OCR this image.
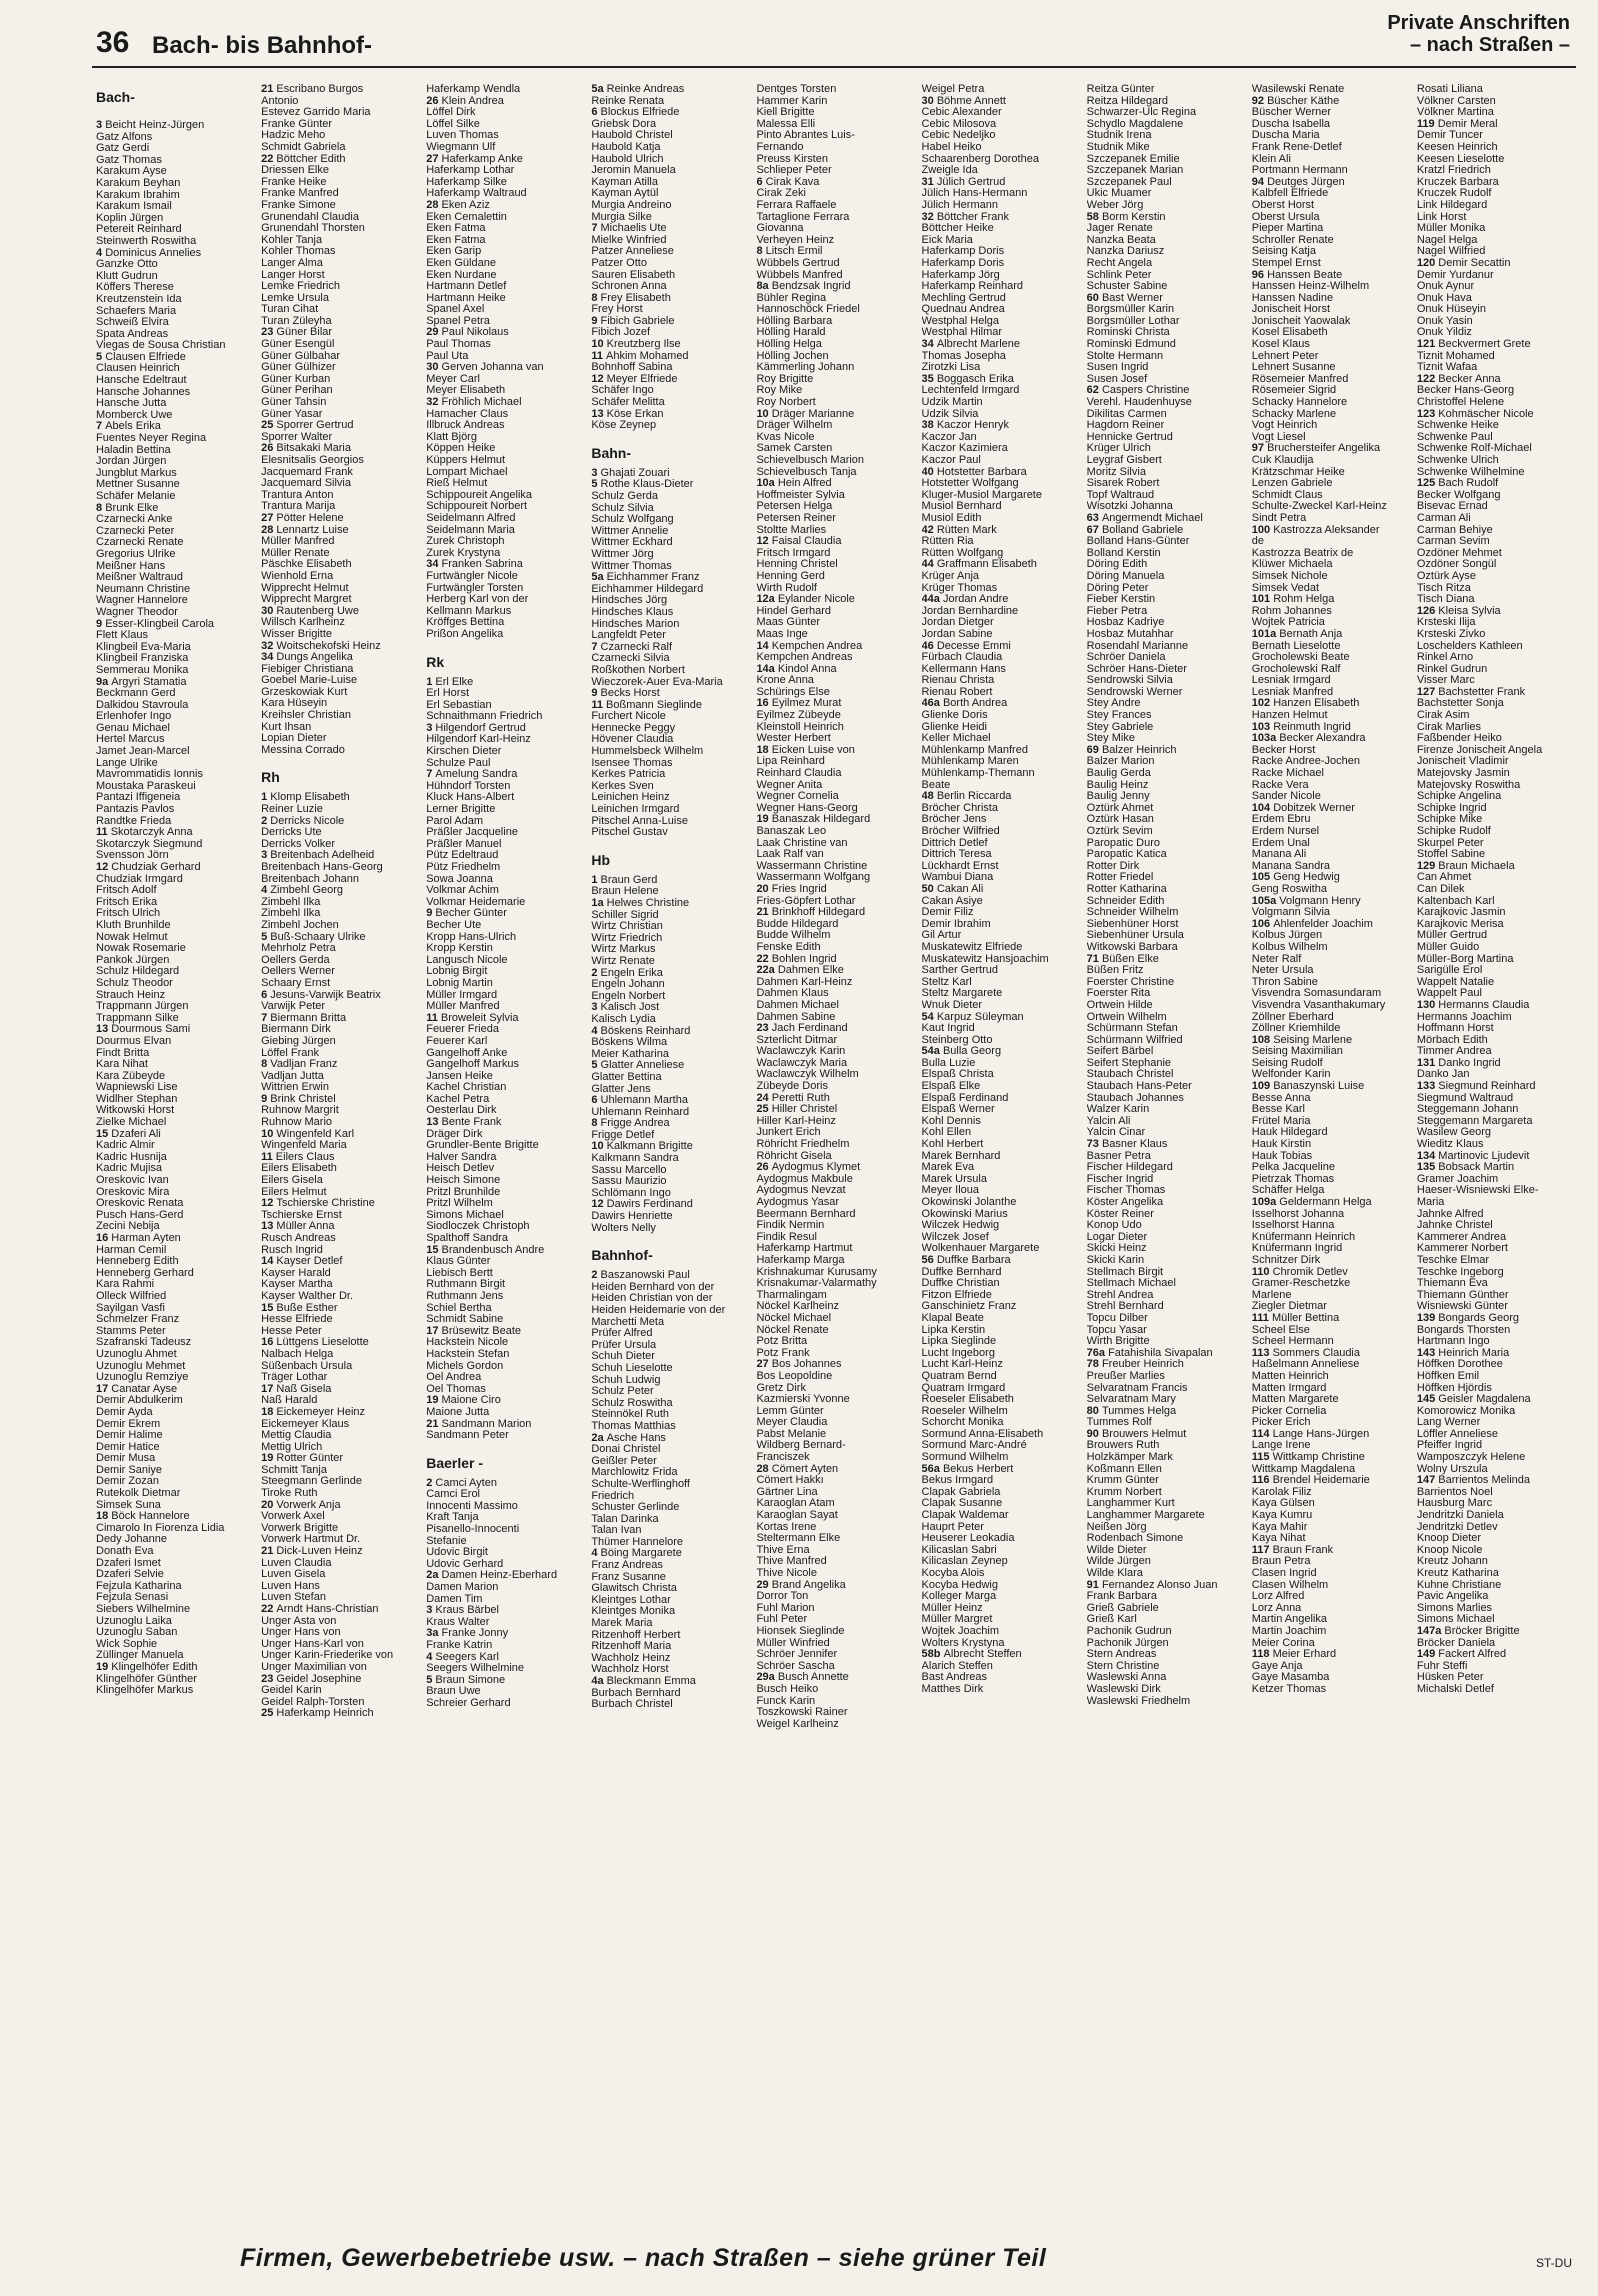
36 Bach- bis Bahnhof-
Private Anschriften
– nach Straßen –
Bach-
3 Beicht Heinz-Jürgen
Gatz Alfons
Gatz Gerdi
Gatz Thomas
Karakum Ayse
Karakum Beyhan
Karakum Ibrahim
Karakum Ismail
Koplin Jürgen
Petereit Reinhard
Steinwerth Roswitha
4 Dominicus Annelies
Ganzke Otto
Klutt Gudrun
Köffers Therese
Kreutzenstein Ida
Schaefers Maria
Schweiß Elvira
Spata Andreas
Viegas de Sousa Christian
5 Clausen Elfriede
Clausen Heinrich
Hansche Edeltraut
Hansche Johannes
Hansche Jutta
Momberck Uwe
7 Abels Erika
Fuentes Neyer Regina
Haladin Bettina
Jordan Jürgen
Jungblut Markus
Mettner Susanne
Schäfer Melanie
8 Brunk Elke
Czarnecki Anke
Czarnecki Peter
Czarnecki Renate
Gregorius Ulrike
Meißner Hans
Meißner Waltraud
Neumann Christine
Wagner Hannelore
Wagner Theodor
9 Esser-Klingbeil Carola
Flett Klaus
Klingbeil Eva-Maria
Klingbeil Franziska
Semmerau Monika
9a Argyri Stamatia
Beckmann Gerd
Dalkidou Stavroula
Erlenhofer Ingo
Genau Michael
Hertel Marcus
Jamet Jean-Marcel
Lange Ulrike
Mavrommatidis Ionnis
Moustaka Paraskeui
Pantazi Iffigeneia
Pantazis Pavlos
Randtke Frieda
11 Skotarczyk Anna
Skotarczyk Siegmund
Svensson Jörn
12 Chudziak Gerhard
Chudziak Irmgard
Fritsch Adolf
Fritsch Erika
Fritsch Ulrich
Kluth Brunhilde
Nowak Helmut
Nowak Rosemarie
Pankok Jürgen
Schulz Hildegard
Schulz Theodor
Strauch Heinz
Trappmann Jürgen
Trappmann Silke
13 Dourmous Sami
Dourmus Elvan
Findt Britta
Kara Nihat
Kara Zübeyde
Wapniewski Lise
Widlher Stephan
Witkowski Horst
Zielke Michael
15 Dzaferi Ali
Kadric Almir
Kadric Husnija
Kadric Mujisa
Oreskovic Ivan
Oreskovic Mira
Oreskovic Renata
Pusch Hans-Gerd
Zecini Nebija
16 Harman Ayten
Harman Cemil
Henneberg Edith
Henneberg Gerhard
Kara Rahmi
Olleck Wilfried
Sayilgan Vasfi
Schmelzer Franz
Stamms Peter
Szafranski Tadeusz
Uzunoglu Ahmet
Uzunoglu Mehmet
Uzunoglu Remziye
17 Canatar Ayse
Demir Abdulkerim
Demir Ayda
Demir Ekrem
Demir Halime
Demir Hatice
Demir Musa
Demir Saniye
Demir Zozan
Rutekolk Dietmar
Simsek Suna
18 Böck Hannelore
Cimarolo In Fiorenza Lidia
Dedy Johanne
Donath Eva
Dzaferi Ismet
Dzaferi Selvie
Fejzula Katharina
Fejzula Senasi
Siebers Wilhelmine
Uzunoglu Laika
Uzunoglu Saban
Wick Sophie
Züllinger Manuela
19 Klingelhöfer Edith
Klingelhöfer Günther
Klingelhöfer Markus
21 Escribano Burgos
Antonio
Estevez Garrido Maria
Franke Günter
Hadzic Meho
Schmidt Gabriela
22 Böttcher Edith
Driessen Elke
Franke Heike
Franke Manfred
Franke Simone
Grunendahl Claudia
Grunendahl Thorsten
Kohler Tanja
Kohler Thomas
Langer Alma
Langer Horst
Lemke Friedrich
Lemke Ursula
Turan Cihat
Turan Züleyha
23 Güner Bilar
Güner Esengül
Güner Gülbahar
Güner Gülhizer
Güner Kurban
Güner Perihan
Güner Tahsin
Güner Yasar
25 Sporrer Gertrud
Sporrer Walter
26 Bitsakaki Maria
Elesnitsalis Georgios
Jacquemard Frank
Jacquemard Silvia
Trantura Anton
Trantura Marija
27 Pötter Helene
28 Lennartz Luise
Müller Manfred
Müller Renate
Päschke Elisabeth
Wienhold Erna
Wipprecht Helmut
Wipprecht Margret
30 Rautenberg Uwe
Willsch Karlheinz
Wisser Brigitte
32 Woitschekofski Heinz
34 Dungs Angelika
Fiebiger Christiana
Goebel Marie-Luise
Grzeskowiak Kurt
Kara Hüseyin
Kreihsler Christian
Kurt Ihsan
Lopian Dieter
Messina Corrado
Rh
1 Klomp Elisabeth
Reiner Luzie
2 Derricks Nicole
Derricks Ute
Derricks Volker
3 Breitenbach Adelheid
Breitenbach Hans-Georg
Breitenbach Johann
4 Zimbehl Georg
Zimbehl Ilka
Zimbehl Ilka
Zimbehl Jochen
5 Buß-Schaary Ulrike
Mehrholz Petra
Oellers Gerda
Oellers Werner
Schaary Ernst
6 Jesuns-Varwijk Beatrix
Varwijk Peter
7 Biermann Britta
Biermann Dirk
Giebing Jürgen
Löffel Frank
8 Vadljan Franz
Vadljan Jutta
Wittrien Erwin
9 Brink Christel
Ruhnow Margrit
Ruhnow Mario
10 Wingenfeld Karl
Wingenfeld Maria
11 Eilers Claus
Eilers Elisabeth
Eilers Gisela
Eilers Helmut
12 Tschierske Christine
Tschierske Ernst
13 Müller Anna
Rusch Andreas
Rusch Ingrid
14 Kayser Detlef
Kayser Harald
Kayser Martha
Kayser Walther Dr.
15 Buße Esther
Hesse Elfriede
Hesse Peter
16 Lüttgens Lieselotte
Nalbach Helga
Süßenbach Ursula
Träger Lothar
17 Naß Gisela
Naß Harald
18 Eickemeyer Heinz
Eickemeyer Klaus
Mettig Claudia
Mettig Ulrich
19 Rotter Günter
Schmitt Tanja
Steegmann Gerlinde
Tiroke Ruth
20 Vorwerk Anja
Vorwerk Axel
Vorwerk Brigitte
Vorwerk Hartmut Dr.
21 Dick-Luven Heinz
Luven Claudia
Luven Gisela
Luven Hans
Luven Stefan
22 Arndt Hans-Christian
Unger Asta von
Unger Hans von
Unger Hans-Karl von
Unger Karin-Friederike von
Unger Maximilian von
23 Geidel Josephine
Geidel Karin
Geidel Ralph-Torsten
25 Haferkamp Heinrich
Haferkamp Wendla
26 Klein Andrea
Löffel Dirk
Löffel Silke
Luven Thomas
Wiegmann Ulf
27 Haferkamp Anke
Haferkamp Lothar
Haferkamp Silke
Haferkamp Waltraud
28 Eken Aziz
Eken Cemalettin
Eken Fatma
Eken Fatma
Eken Garip
Eken Güldane
Eken Nurdane
Hartmann Detlef
Hartmann Heike
Spanel Axel
Spanel Petra
29 Paul Nikolaus
Paul Thomas
Paul Uta
30 Gerven Johanna van
Meyer Carl
Meyer Elisabeth
32 Fröhlich Michael
Hamacher Claus
Illbruck Andreas
Klatt Björg
Köppen Heike
Küppers Helmut
Lompart Michael
Rieß Helmut
Schippoureit Angelika
Schippoureit Norbert
Seidelmann Alfred
Seidelmann Maria
Zurek Christoph
Zurek Krystyna
34 Franken Sabrina
Furtwängler Nicole
Furtwängler Torsten
Herberg Karl von der
Kellmann Markus
Kröffges Bettina
Prißon Angelika
Rk
1 Erl Elke
Erl Horst
Erl Sebastian
Schnaithmann Friedrich
3 Hilgendorf Gertrud
Hilgendorf Karl-Heinz
Kirschen Dieter
Schulze Paul
7 Amelung Sandra
Hühndorf Torsten
Kluck Hans-Albert
Lerner Brigitte
Parol Adam
Präßler Jacqueline
Präßler Manuel
Pütz Edeltraud
Pütz Friedhelm
Sowa Joanna
Volkmar Achim
Volkmar Heidemarie
9 Becher Günter
Becher Ute
Kropp Hans-Ulrich
Kropp Kerstin
Langusch Nicole
Lobnig Birgit
Lobnig Martin
Müller Irmgard
Müller Manfred
11 Broweleit Sylvia
Feuerer Frieda
Feuerer Karl
Gangelhoff Anke
Gangelhoff Markus
Jansen Heike
Kachel Christian
Kachel Petra
Oesterlau Dirk
13 Bente Frank
Dräger Dirk
Grundler-Bente Brigitte
Halver Sandra
Heisch Detlev
Heisch Simone
Pritzl Brunhilde
Pritzl Wilhelm
Simons Michael
Siodloczek Christoph
Spalthoff Sandra
15 Brandenbusch Andre
Klaus Günter
Liebisch Bertt
Ruthmann Birgit
Ruthmann Jens
Schiel Bertha
Schmidt Sabine
17 Brüsewitz Beate
Hackstein Nicole
Hackstein Stefan
Michels Gordon
Oel Andrea
Oel Thomas
19 Maione Ciro
Maione Jutta
21 Sandmann Marion
Sandmann Peter
Baerler -
2 Camci Ayten
Camci Erol
Innocenti Massimo
Kraft Tanja
Pisanello-Innocenti
Stefanie
Udovic Birgit
Udovic Gerhard
2a Damen Heinz-Eberhard
Damen Marion
Damen Tim
3 Kraus Bärbel
Kraus Walter
3a Franke Jonny
Franke Katrin
4 Seegers Karl
Seegers Wilhelmine
5 Braun Simone
Braun Uwe
Schreier Gerhard
5a Reinke Andreas
Reinke Renata
6 Blockus Elfriede
Griebsk Dora
Haubold Christel
Haubold Katja
Haubold Ulrich
Jeromin Manuela
Kayman Atilla
Kayman Aytül
Murgia Andreino
Murgia Silke
7 Michaelis Ute
Mielke Winfried
Patzer Anneliese
Patzer Otto
Sauren Elisabeth
Schronen Anna
8 Frey Elisabeth
Frey Horst
9 Fibich Gabriele
Fibich Jozef
10 Kreutzberg Ilse
11 Ahkim Mohamed
Bohnhoff Sabina
12 Meyer Elfriede
Schäfer Ingo
Schäfer Melitta
13 Köse Erkan
Köse Zeynep
Bahn-
3 Ghajati Zouari
5 Rothe Klaus-Dieter
Schulz Gerda
Schulz Silvia
Schulz Wolfgang
Wittmer Annelie
Wittmer Eckhard
Wittmer Jörg
Wittmer Thomas
5a Eichhammer Franz
Eichhammer Hildegard
Hindsches Jörg
Hindsches Klaus
Hindsches Marion
Langfeldt Peter
7 Czarnecki Ralf
Czarnecki Silvia
Roßkothen Norbert
Wieczorek-Auer Eva-Maria
9 Becks Horst
11 Boßmann Sieglinde
Furchert Nicole
Hennecke Peggy
Hövener Claudia
Hummelsbeck Wilhelm
Isensee Thomas
Kerkes Patricia
Kerkes Sven
Leinichen Heinz
Leinichen Irmgard
Pitschel Anna-Luise
Pitschel Gustav
Hb
1 Braun Gerd
Braun Helene
1a Helwes Christine
Schiller Sigrid
Wirtz Christian
Wirtz Friedrich
Wirtz Markus
Wirtz Renate
2 Engeln Erika
Engeln Johann
Engeln Norbert
3 Kalisch Jost
Kalisch Lydia
4 Böskens Reinhard
Böskens Wilma
Meier Katharina
5 Glatter Anneliese
Glatter Bettina
Glatter Jens
6 Uhlemann Martha
Uhlemann Reinhard
8 Frigge Andrea
Frigge Detlef
10 Kalkmann Brigitte
Kalkmann Sandra
Sassu Marcello
Sassu Maurizio
Schlömann Ingo
12 Dawirs Ferdinand
Dawirs Henriette
Wolters Nelly
Bahnhof-
2 Baszanowski Paul
Heiden Bernhard von der
Heiden Christian von der
Heiden Heidemarie von der
Marchetti Meta
Prüfer Alfred
Prüfer Ursula
Schuh Dieter
Schuh Lieselotte
Schuh Ludwig
Schulz Peter
Schulz Roswitha
Steinnökel Ruth
Thomas Matthias
2a Asche Hans
Donai Christel
Geißler Peter
Marchlowitz Frida
Schulte-Werflinghoff
Friedrich
Schuster Gerlinde
Talan Darinka
Talan Ivan
Thümer Hannelore
4 Böing Margarete
Franz Andreas
Franz Susanne
Glawitsch Christa
Kleintges Lothar
Kleintges Monika
Marek Maria
Ritzenhoff Herbert
Ritzenhoff Maria
Wachholz Heinz
Wachholz Horst
4a Bleckmann Emma
Burbach Bernhard
Burbach Christel
Dentges Torsten
Hammer Karin
Kiell Brigitte
Malessa Elli
Pinto Abrantes Luis-
Fernando
Preuss Kirsten
Schlieper Peter
6 Cirak Kava
Cirak Zeki
Ferrara Raffaele
Tartaglione Ferrara
Giovanna
Verheyen Heinz
8 Litsch Ermil
Wübbels Gertrud
Wübbels Manfred
8a Bendzsak Ingrid
Bühler Regina
Hannoschöck Friedel
Hölling Barbara
Hölling Harald
Hölling Helga
Hölling Jochen
Kämmerling Johann
Roy Brigitte
Roy Mike
Roy Norbert
10 Dräger Marianne
Dräger Wilhelm
Kvas Nicole
Samek Carsten
Schievelbusch Marion
Schievelbusch Tanja
10a Hein Alfred
Hoffmeister Sylvia
Petersen Helga
Petersen Reiner
Stoltte Marlies
12 Faisal Claudia
Fritsch Irmgard
Henning Christel
Henning Gerd
Wirth Rudolf
12a Eylander Nicole
Hindel Gerhard
Maas Günter
Maas Inge
14 Kempchen Andrea
Kempchen Andreas
14a Kindol Anna
Krone Anna
Schürings Else
16 Eyilmez Murat
Eyilmez Zübeyde
Kleinstoll Heinrich
Wester Herbert
18 Eicken Luise von
Lipa Reinhard
Reinhard Claudia
Wegner Anita
Wegner Cornelia
Wegner Hans-Georg
19 Banaszak Hildegard
Banaszak Leo
Laak Christine van
Laak Ralf van
Wassermann Christine
Wassermann Wolfgang
20 Fries Ingrid
Fries-Göpfert Lothar
21 Brinkhoff Hildegard
Budde Hildegard
Budde Wilhelm
Fenske Edith
22 Bohlen Ingrid
22a Dahmen Elke
Dahmen Karl-Heinz
Dahmen Klaus
Dahmen Michael
Dahmen Sabine
23 Jach Ferdinand
Szterlicht Ditmar
Waclawczyk Karin
Waclawczyk Maria
Waclawczyk Wilhelm
Zübeyde Doris
24 Peretti Ruth
25 Hiller Christel
Hiller Karl-Heinz
Junkert Erich
Röhricht Friedhelm
Röhricht Gisela
26 Aydogmus Klymet
Aydogmus Makbule
Aydogmus Nevzat
Aydogmus Yasar
Beermann Bernhard
Findik Nermin
Findik Resul
Haferkamp Hartmut
Haferkamp Marga
Krishnakumar Kurusamy
Krisnakumar-Valarmathy
Tharmalingam
Nöckel Karlheinz
Nöckel Michael
Nöckel Renate
Potz Britta
Potz Frank
27 Bos Johannes
Bos Leopoldine
Gretz Dirk
Kazmierski Yvonne
Lemm Günter
Meyer Claudia
Pabst Melanie
Wildberg Bernard-
Franciszek
28 Cömert Ayten
Cömert Hakkı
Gärtner Lina
Karaoglan Atam
Karaoglan Sayat
Kortas Irene
Steltermann Elke
Thive Erna
Thive Manfred
Thive Nicole
29 Brand Angelika
Dorror Ton
Fuhl Marion
Fuhl Peter
Hionsek Sieglinde
Müller Winfried
Schröer Jennifer
Schröer Sascha
29a Busch Annette
Busch Heiko
Funck Karin
Toszkowski Rainer
Weigel Karlheinz
Weigel Petra
30 Böhme Annett
Cebic Alexander
Cebic Milosova
Cebic Nedeljko
Habel Heiko
Schaarenberg Dorothea
Zweigle Ida
31 Jülich Gertrud
Jülich Hans-Hermann
Jülich Hermann
32 Böttcher Frank
Böttcher Heike
Eick Maria
Haferkamp Doris
Haferkamp Doris
Haferkamp Jörg
Haferkamp Reinhard
Mechling Gertrud
Quednau Andrea
Westphal Helga
Westphal Hilmar
34 Albrecht Marlene
Thomas Josepha
Zirotzki Lisa
35 Boggasch Erika
Lechtenfeld Irmgard
Udzik Martin
Udzik Silvia
38 Kaczor Henryk
Kaczor Jan
Kaczor Kazimiera
Kaczor Paul
40 Hotstetter Barbara
Hotstetter Wolfgang
Kluger-Musiol Margarete
Musiol Bernhard
Musiol Edith
42 Rütten Mark
Rütten Ria
Rütten Wolfgang
44 Graffmann Elisabeth
Krüger Anja
Krüger Thomas
44a Jordan Andre
Jordan Bernhardine
Jordan Dietger
Jordan Sabine
46 Decesse Emmi
Fürbach Claudia
Kellermann Hans
Rienau Christa
Rienau Robert
46a Borth Andrea
Glienke Doris
Glienke Heidi
Keller Michael
Mühlenkamp Manfred
Mühlenkamp Maren
Mühlenkamp-Themann
Beate
48 Berlin Riccarda
Bröcher Christa
Bröcher Jens
Bröcher Wilfried
Dittrich Detlef
Dittrich Teresa
Lückhardt Ernst
Wambui Diana
50 Cakan Ali
Cakan Asiye
Demir Filiz
Demir Ibrahim
Gil Artur
Muskatewitz Elfriede
Muskatewitz Hansjoachim
Sarther Gertrud
Steltz Karl
Steltz Margarete
Wnuk Dieter
54 Karpuz Süleyman
Kaut Ingrid
Steinberg Otto
54a Bulla Georg
Bulla Luzie
Elspaß Christa
Elspaß Elke
Elspaß Ferdinand
Elspaß Werner
Kohl Dennis
Kohl Ellen
Kohl Herbert
Marek Bernhard
Marek Eva
Marek Ursula
Meyer Iloua
Okowinski Jolanthe
Okowinski Marius
Wilczek Hedwig
Wilczek Josef
Wolkenhauer Margarete
56 Duffke Barbara
Duffke Bernhard
Duffke Christian
Fitzon Elfriede
Ganschinietz Franz
Klapal Beate
Lipka Kerstin
Lipka Sieglinde
Lucht Ingeborg
Lucht Karl-Heinz
Quatram Bernd
Quatram Irmgard
Roeseler Elisabeth
Roeseler Wilhelm
Schorcht Monika
Sormund Anna-Elisabeth
Sormund Marc-André
Sormund Wilhelm
56a Bekus Herbert
Bekus Irmgard
Clapak Gabriela
Clapak Susanne
Clapak Waldemar
Hauprt Peter
Heuserer Leokadia
Kilicaslan Sabri
Kilicaslan Zeynep
Kocyba Alois
Kocyba Hedwig
Kolleger Marga
Müller Heinz
Müller Margret
Wojtek Joachim
Wolters Krystyna
58b Albrecht Steffen
Alarich Steffen
Bast Andreas
Matthes Dirk
Reitza Günter
Reitza Hildegard
Schwarzer-Ulc Regina
Schydlo Magdalene
Studnik Irena
Studnik Mike
Szczepanek Emilie
Szczepanek Marian
Szczepanek Paul
Ukic Muamer
Weber Jörg
58 Borm Kerstin
Jager Renate
Nanzka Beata
Nanzka Dariusz
Recht Angela
Schlink Peter
Schuster Sabine
60 Bast Werner
Borgsmüller Karin
Borgsmüller Lothar
Rominski Christa
Rominski Edmund
Stolte Hermann
Susen Ingrid
Susen Josef
62 Caspers Christine
Verehl. Haudenhuyse
Dikilitas Carmen
Hagdorn Reiner
Hennicke Gertrud
Krüger Ulrich
Leygraf Gisbert
Moritz Silvia
Sisarek Robert
Topf Waltraud
Wisotzki Johanna
63 Angermendt Michael
67 Bolland Gabriele
Bolland Hans-Günter
Bolland Kerstin
Döring Edith
Döring Manuela
Döring Peter
Fieber Kerstin
Fieber Petra
Hosbaz Kadriye
Hosbaz Mutahhar
Rosendahl Marianne
Schröer Daniela
Schröer Hans-Dieter
Sendrowski Silvia
Sendrowski Werner
Stey Andre
Stey Frances
Stey Gabriele
Stey Mike
69 Balzer Heinrich
Balzer Marion
Baulig Gerda
Baulig Heinz
Baulig Jenny
Öztürk Ahmet
Öztürk Hasan
Öztürk Sevim
Paropatic Duro
Paropatic Katica
Rotter Dirk
Rotter Friedel
Rotter Katharina
Schneider Edith
Schneider Wilhelm
Siebenhüner Horst
Siebenhüner Ursula
Witkowski Barbara
71 Büßen Elke
Büßen Fritz
Foerster Christine
Foerster Rita
Ortwein Hilde
Ortwein Wilhelm
Schürmann Stefan
Schürmann Wilfried
Seifert Bärbel
Seifert Stephanie
Staubach Christel
Staubach Hans-Peter
Staubach Johannes
Walzer Karin
Yalcin Ali
Yalcin Cinar
73 Basner Klaus
Basner Petra
Fischer Hildegard
Fischer Ingrid
Fischer Thomas
Köster Angelika
Köster Reiner
Konop Udo
Logar Dieter
Skicki Heinz
Skicki Karin
Stellmach Birgit
Stellmach Michael
Strehl Andrea
Strehl Bernhard
Topcu Dilber
Topcu Yasar
Wirth Brigitte
76a Fatahishila Sivapalan
78 Freuber Heinrich
Preußer Marlies
Selvaratnam Francis
Selvaratnam Mary
80 Tummes Helga
Tummes Rolf
90 Brouwers Helmut
Brouwers Ruth
Holzkämper Mark
Koßmann Ellen
Krumm Günter
Krumm Norbert
Langhammer Kurt
Langhammer Margarete
Neißen Jörg
Rodenbach Simone
Wilde Dieter
Wilde Jürgen
Wilde Klara
91 Fernandez Alonso Juan
Frank Barbara
Grieß Gabriele
Grieß Karl
Pachonik Gudrun
Pachonik Jürgen
Stern Andreas
Stern Christine
Waslewski Anna
Waslewski Dirk
Waslewski Friedhelm
Wasilewski Renate
92 Büscher Käthe
Büscher Werner
Duscha Isabella
Duscha Maria
Frank Rene-Detlef
Klein Ali
Portmann Hermann
94 Deutges Jürgen
Kalbfell Elfriede
Oberst Horst
Oberst Ursula
Pieper Martina
Schroller Renate
Seising Katja
Stempel Ernst
96 Hanssen Beate
Hanssen Heinz-Wilhelm
Hanssen Nadine
Jonischeit Horst
Jonischeit Yaowalak
Kosel Elisabeth
Kosel Klaus
Lehnert Peter
Lehnert Susanne
Rösemeier Manfred
Rösemeier Sigrid
Schacky Hannelore
Schacky Marlene
Vogt Heinrich
Vogt Liesel
97 Bruchersteifer Angelika
Cuk Klaudija
Krätzschmar Heike
Lenzen Gabriele
Schmidt Claus
Schulte-Zweckel Karl-Heinz
Sindt Petra
100 Kastrozza Aleksander
de
Kastrozza Beatrix de
Klüwer Michaela
Simsek Nichole
Simsek Vedat
101 Rohm Helga
Rohm Johannes
Wojtek Patricia
101a Bernath Anja
Bernath Lieselotte
Grocholewski Beate
Grocholewski Ralf
Lesniak Irmgard
Lesniak Manfred
102 Hanzen Elisabeth
Hanzen Helmut
103 Reinmuth Ingrid
103a Becker Alexandra
Becker Horst
Racke Andree-Jochen
Racke Michael
Racke Vera
Sander Nicole
104 Dobitzek Werner
Erdem Ebru
Erdem Nursel
Erdem Ünal
Manana Ali
Manana Sandra
105 Geng Hedwig
Geng Roswitha
105a Volgmann Henry
Volgmann Silvia
106 Ahlenfelder Joachim
Kolbus Jürgen
Kolbus Wilhelm
Neter Ralf
Neter Ursula
Thron Sabine
Visvendra Somasundaram
Visvendra Vasanthakumary
Zöllner Eberhard
Zöllner Kriemhilde
108 Seising Marlene
Seising Maximilian
Seising Rudolf
Welfonder Karin
109 Banaszynski Luise
Besse Anna
Besse Karl
Frütel Maria
Hauk Hildegard
Hauk Kirstin
Hauk Tobias
Pelka Jacqueline
Pietrzak Thomas
Schäffer Helga
109a Geldermann Helga
Isselhorst Johanna
Isselhorst Hanna
Knüfermann Heinrich
Knüfermann Ingrid
Schnitzer Dirk
110 Chromik Detlev
Gramer-Reschetzke
Marlene
Ziegler Dietmar
111 Müller Bettina
Scheel Else
Scheel Hermann
113 Sommers Claudia
Haßelmann Anneliese
Matten Heinrich
Matten Irmgard
Matten Margarete
Picker Cornelia
Picker Erich
114 Lange Hans-Jürgen
Lange Irene
115 Wittkamp Christine
Wittkamp Magdalena
116 Brendel Heidemarie
Karolak Filiz
Kaya Gülsen
Kaya Kumru
Kaya Mahir
Kaya Nihat
117 Braun Frank
Braun Petra
Clasen Ingrid
Clasen Wilhelm
Lorz Alfred
Lorz Anna
Martin Angelika
Martin Joachim
Meier Corina
118 Meier Erhard
Gaye Anja
Gaye Masamba
Ketzer Thomas
Rosati Liliana
Völkner Carsten
Völkner Martina
119 Demir Meral
Demir Tuncer
Keesen Heinrich
Keesen Lieselotte
Kratzl Friedrich
Kruczek Barbara
Kruczek Rudolf
Link Hildegard
Link Horst
Müller Monika
Nagel Helga
Nagel Wilfried
120 Demir Secattin
Demir Yurdanur
Onuk Aynur
Onuk Hava
Onuk Hüseyin
Onuk Yasin
Onuk Yildiz
121 Beckvermert Grete
Tiznit Mohamed
Tiznit Wafaa
122 Becker Anna
Becker Hans-Georg
Christoffel Helene
123 Kohmäscher Nicole
Schwenke Heike
Schwenke Paul
Schwenke Rolf-Michael
Schwenke Ulrich
Schwenke Wilhelmine
125 Bach Rudolf
Becker Wolfgang
Bisevac Ernad
Carman Ali
Carman Behiye
Carman Sevim
Özdöner Mehmet
Özdöner Songül
Öztürk Ayse
Tisch Ritza
Tisch Diana
126 Kleisa Sylvia
Krsteski Ilija
Krsteski Zivko
Loschelders Kathleen
Rinkel Arno
Rinkel Gudrun
Visser Marc
127 Bachstetter Frank
Bachstetter Sonja
Cirak Asim
Cirak Marlies
Faßbender Heiko
Firenze Jonischeit Angela
Jonischeit Vladimir
Matejovsky Jasmin
Matejovsky Roswitha
Schipke Angelina
Schipke Ingrid
Schipke Mike
Schipke Rudolf
Skurpel Peter
Stoffel Sabine
129 Braun Michaela
Can Ahmet
Can Dilek
Kaltenbach Karl
Karajkovic Jasmin
Karajkovic Merisa
Müller Gertrud
Müller Guido
Müller-Borg Martina
Sarigülle Erol
Wappelt Natalie
Wappelt Paul
130 Hermanns Claudia
Hermanns Joachim
Hoffmann Horst
Mörbach Edith
Timmer Andrea
131 Danko Ingrid
Danko Jan
133 Siegmund Reinhard
Siegmund Waltraud
Steggemann Johann
Steggemann Margareta
Wasilew Georg
Wieditz Klaus
134 Martinovic Ljudevit
135 Bobsack Martin
Gramer Joachim
Haeser-Wisniewski Elke-
Maria
Jahnke Alfred
Jahnke Christel
Kammerer Andrea
Kammerer Norbert
Teschke Elmar
Teschke Ingeborg
Thiemann Eva
Thiemann Günther
Wisniewski Günter
139 Bongards Georg
Bongards Thorsten
Hartmann Ingo
143 Heinrich Maria
Höffken Dorothee
Höffken Emil
Höffken Hjördis
145 Geisler Magdalena
Komorowicz Monika
Lang Werner
Löffler Anneliese
Pfeiffer Ingrid
Wamposzczyk Helene
Wolny Urszula
147 Barrientos Melinda
Barrientos Noel
Hausburg Marc
Jendritzki Daniela
Jendritzki Detlev
Knoop Dieter
Knoop Nicole
Kreutz Johann
Kreutz Katharina
Kuhne Christiane
Pavic Angelika
Simons Marlies
Simons Michael
147a Bröcker Brigitte
Bröcker Daniela
149 Fackert Alfred
Fuhr Steffi
Hüsken Peter
Michalski Detlef
Firmen, Gewerbebetriebe usw. – nach Straßen – siehe grüner Teil	ST-DU
